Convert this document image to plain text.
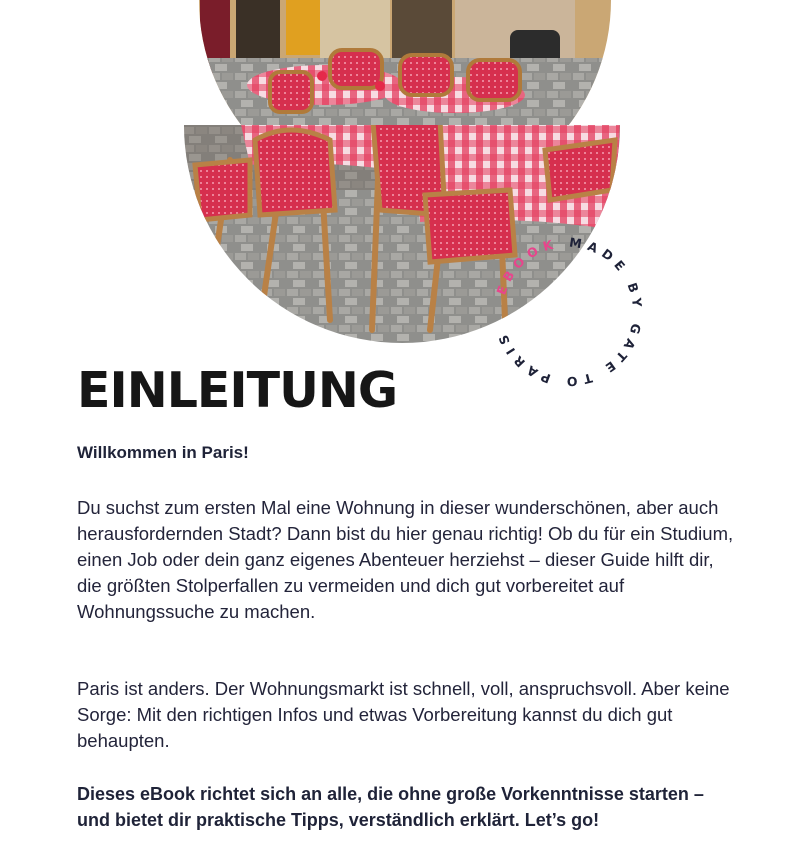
EBOOK MADE BY GATE TO PARIS
EINLEITUNG

Willkommen in Paris!

Du suchst zum ersten Mal eine Wohnung in dieser wunderschönen, aber auch herausfordernden Stadt? Dann bist du hier genau richtig! Ob du für ein Studium, einen Job oder dein ganz eigenes Abenteuer herziehst – dieser Guide hilft dir, die größten Stolperfallen zu vermeiden und dich gut vorbereitet auf Wohnungssuche zu machen.

Paris ist anders. Der Wohnungsmarkt ist schnell, voll, anspruchsvoll. Aber keine Sorge: Mit den richtigen Infos und etwas Vorbereitung kannst du dich gut behaupten.

Dieses eBook richtet sich an alle, die ohne große Vorkenntnisse starten – und bietet dir praktische Tipps, verständlich erklärt. Let’s go!
